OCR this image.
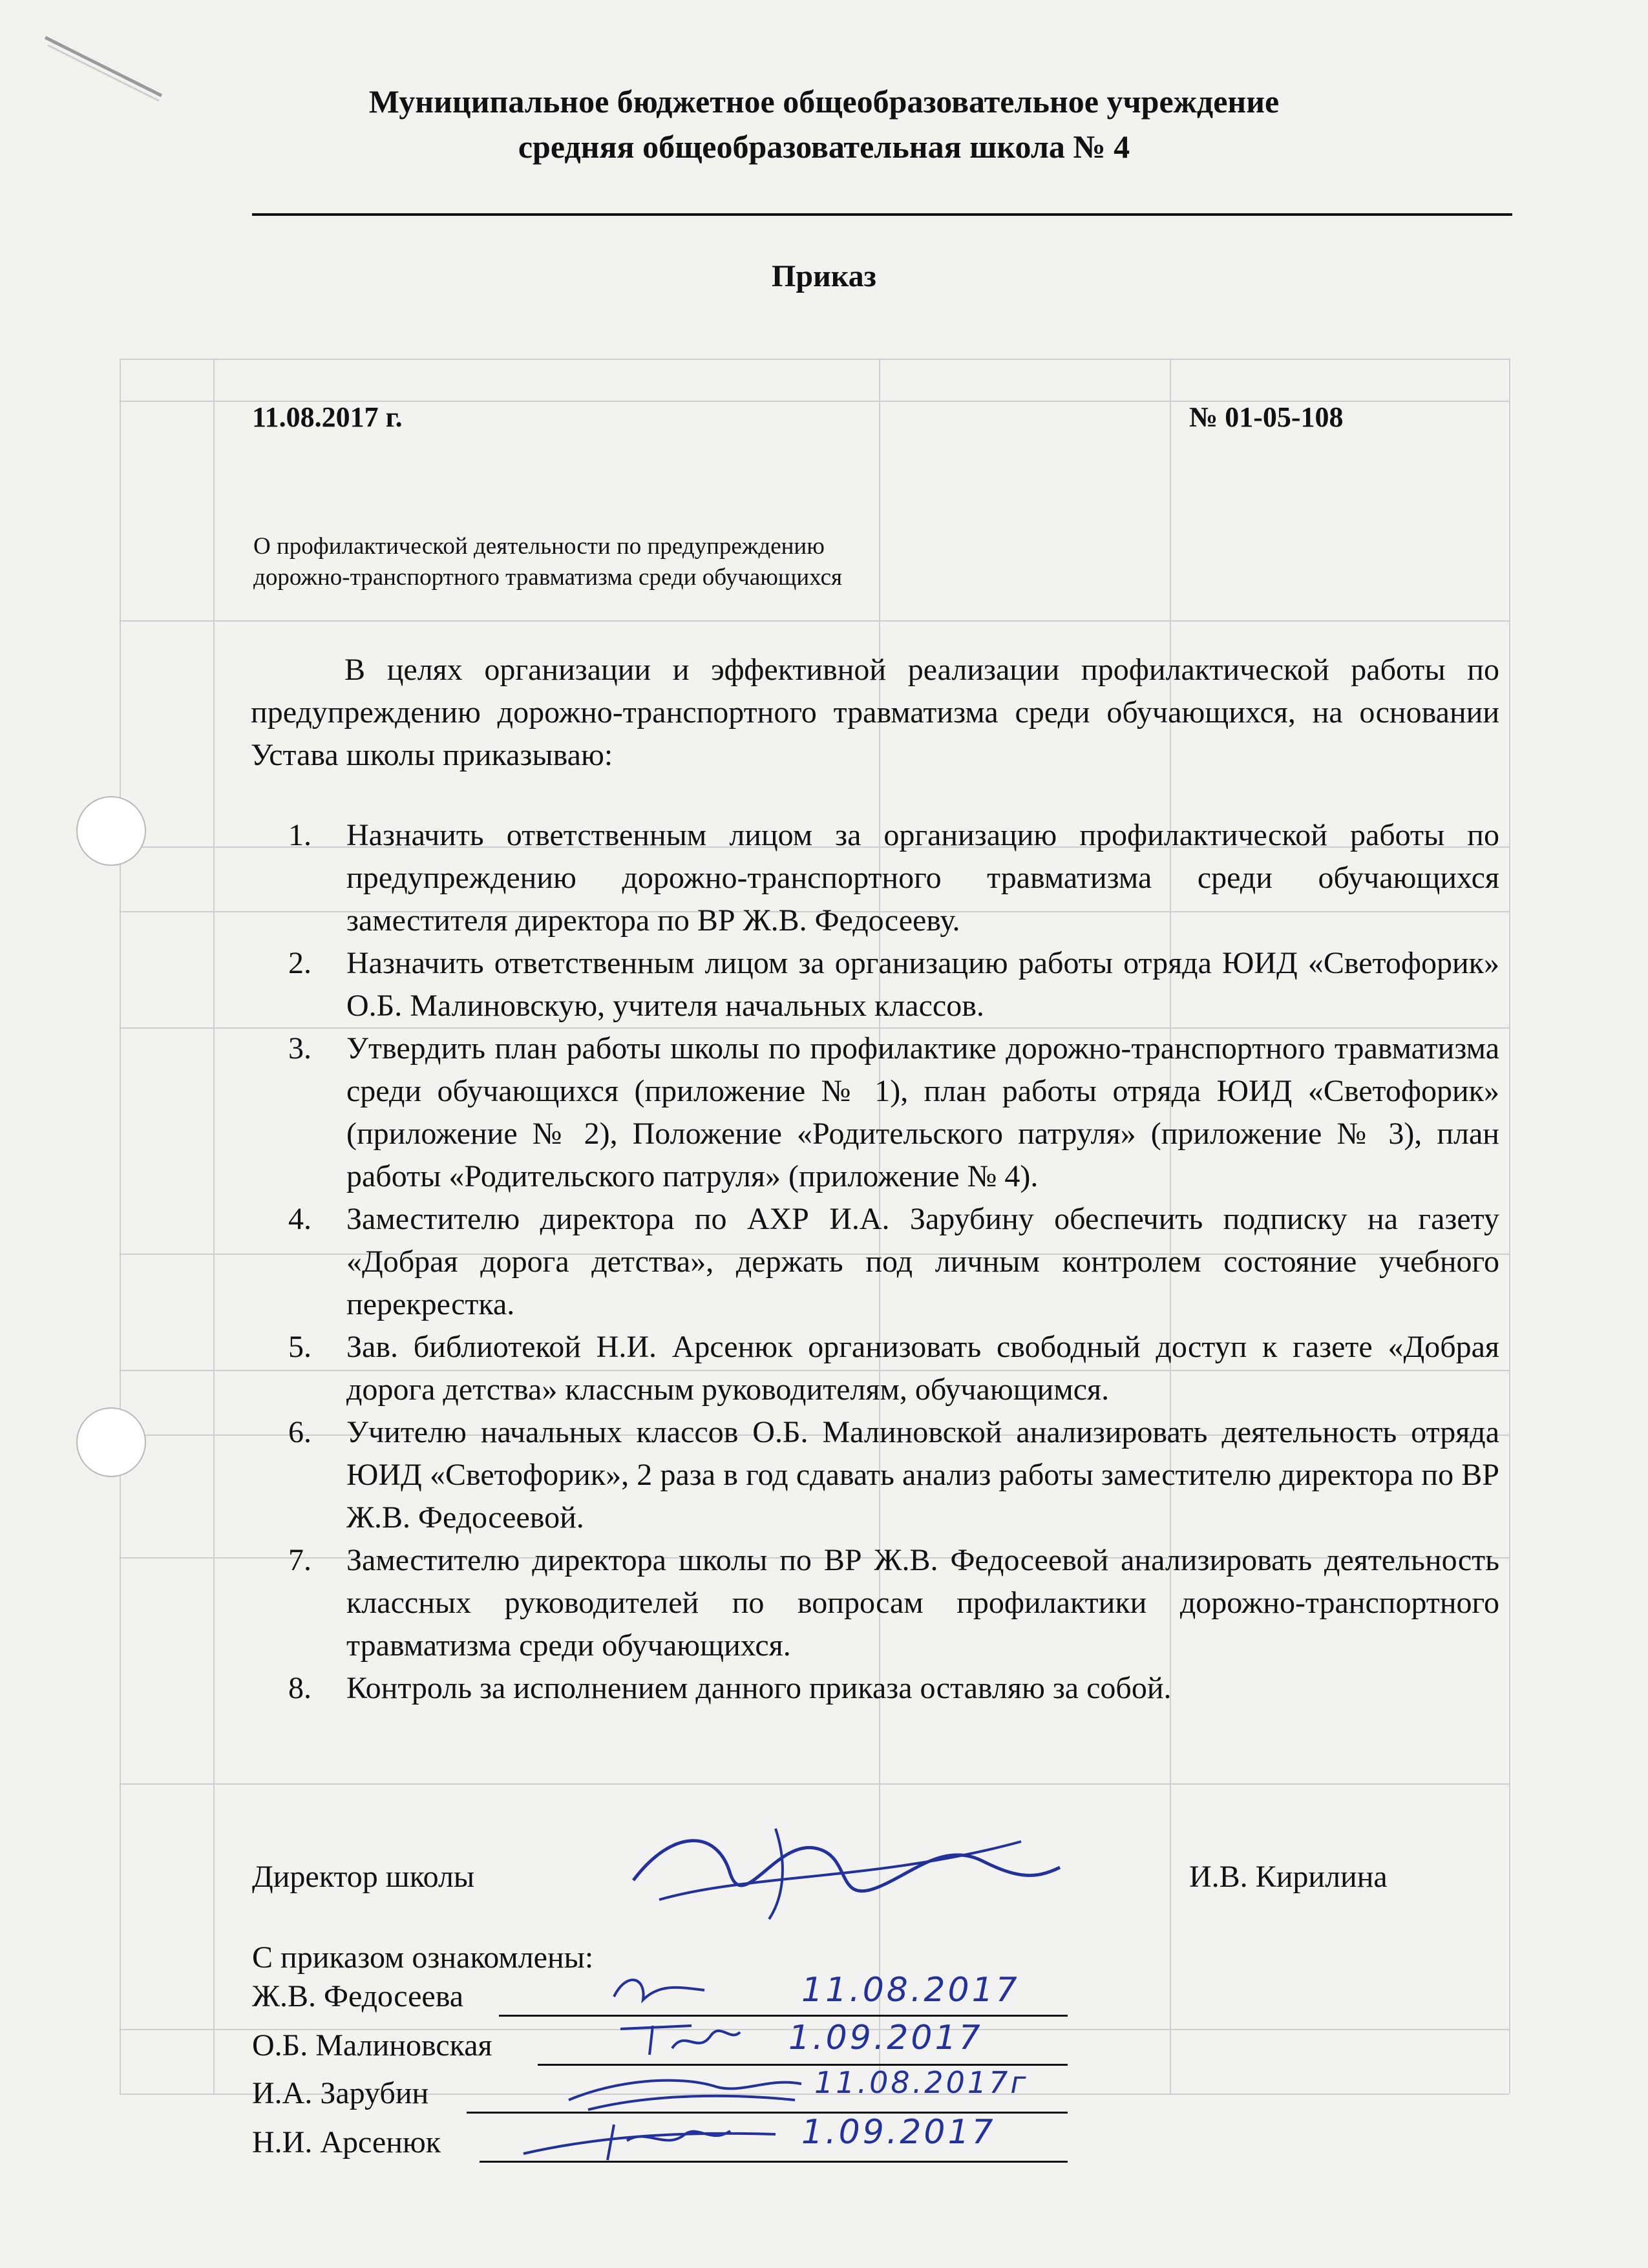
Муниципальное бюджетное общеобразовательное учреждение
средняя общеобразовательная школа № 4
Приказ
11.08.2017 г.	№ 01-05-108
О профилактической деятельности по предупреждению
дорожно-транспортного травматизма среди обучающихся
В целях организации и эффективной реализации профилактической работы по предупреждению дорожно-транспортного травматизма среди обучающихся, на основании Устава школы приказываю:
1. Назначить ответственным лицом за организацию профилактической работы по предупреждению дорожно-транспортного травматизма среди обучающихся заместителя директора по ВР Ж.В. Федосееву.
2. Назначить ответственным лицом за организацию работы отряда ЮИД «Светофорик» О.Б. Малиновскую, учителя начальных классов.
3. Утвердить план работы школы по профилактике дорожно-транспортного травматизма среди обучающихся (приложение № 1), план работы отряда ЮИД «Светофорик» (приложение № 2), Положение «Родительского патруля» (приложение № 3), план работы «Родительского патруля» (приложение № 4).
4. Заместителю директора по АХР И.А. Зарубину обеспечить подписку на газету «Добрая дорога детства», держать под личным контролем состояние учебного перекрестка.
5. Зав. библиотекой Н.И. Арсенюк организовать свободный доступ к газете «Добрая дорога детства» классным руководителям, обучающимся.
6. Учителю начальных классов О.Б. Малиновской анализировать деятельность отряда ЮИД «Светофорик», 2 раза в год сдавать анализ работы заместителю директора по ВР Ж.В. Федосеевой.
7. Заместителю директора школы по ВР Ж.В. Федосеевой анализировать деятельность классных руководителей по вопросам профилактики дорожно-транспортного травматизма среди обучающихся.
8. Контроль за исполнением данного приказа оставляю за собой.
Директор школы	И.В. Кирилина
С приказом ознакомлены:
Ж.В. Федосеева	11.08.2017
О.Б. Малиновская	1.09.2017
И.А. Зарубин	11.08.2017г
Н.И. Арсенюк	1.09.2017
